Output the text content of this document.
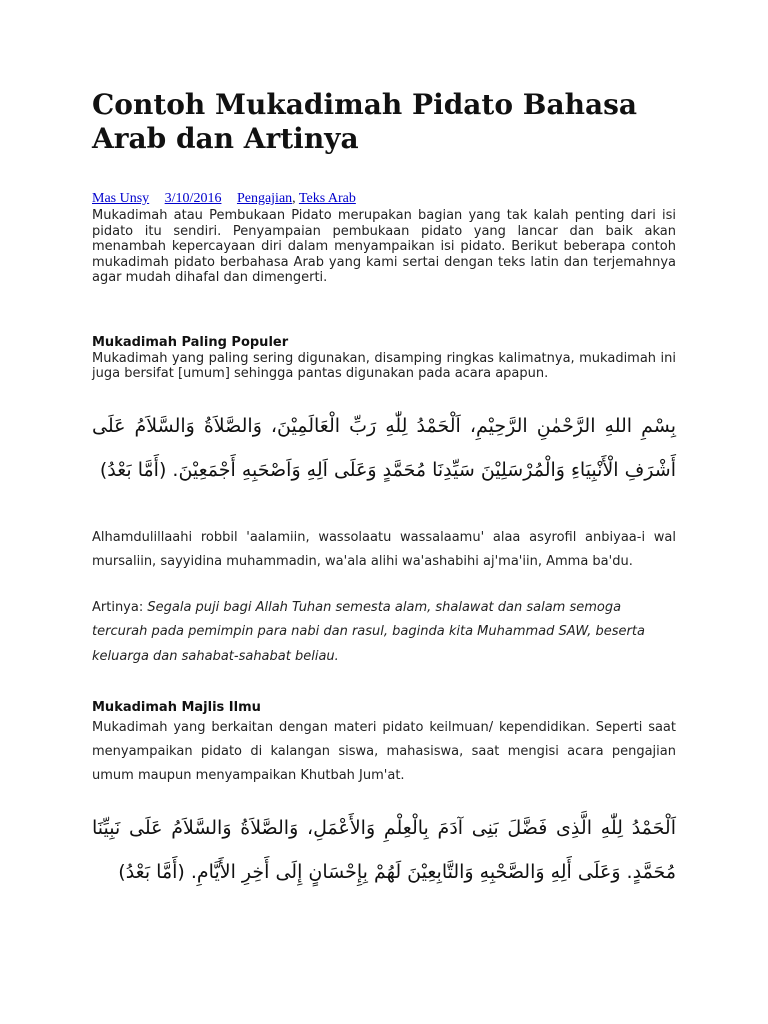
Contoh Mukadimah Pidato Bahasa Arab dan Artinya
Mas Unsy 3/10/2016 Pengajian, Teks Arab

Mukadimah atau Pembukaan Pidato merupakan bagian yang tak kalah penting dari isi pidato itu sendiri. Penyampaian pembukaan pidato yang lancar dan baik akan menambah kepercayaan diri dalam menyampaikan isi pidato. Berikut beberapa contoh mukadimah pidato berbahasa Arab yang kami sertai dengan teks latin dan terjemahnya agar mudah dihafal dan dimengerti.

Mukadimah Paling Populer

Mukadimah yang paling sering digunakan, disamping ringkas kalimatnya, mukadimah ini juga bersifat [umum] sehingga pantas digunakan pada acara apapun.

بِسْمِ اللهِ الرَّحْمٰنِ الرَّحِيْمِ، اَلْحَمْدُ لِلّٰهِ رَبِّ الْعَالَمِيْنَ، وَالصَّلاَةُ وَالسَّلاَمُ عَلَى أَشْرَفِ الْأَنْبِيَاءِ وَالْمُرْسَلِيْنَ سَيِّدِنَا مُحَمَّدٍ وَعَلَى اَلِهِ وَاَصْحَبِهِ أَجْمَعِيْنَ. (أَمَّا بَعْدُ)

Alhamdulillaahi robbil 'aalamiin, wassolaatu wassalaamu' alaa asyrofil anbiyaa-i wal mursaliin, sayyidina muhammadin, wa'ala alihi wa'ashabihi aj'ma'iin, Amma ba'du.

Artinya: Segala puji bagi Allah Tuhan semesta alam, shalawat dan salam semoga tercurah pada pemimpin para nabi dan rasul, baginda kita Muhammad SAW, beserta keluarga dan sahabat-sahabat beliau.

Mukadimah Majlis Ilmu

Mukadimah yang berkaitan dengan materi pidato keilmuan/ kependidikan. Seperti saat menyampaikan pidato di kalangan siswa, mahasiswa, saat mengisi acara pengajian umum maupun menyampaikan Khutbah Jum'at.

اَلْحَمْدُ لِلّٰهِ الَّذِى فَضَّلَ بَنِى آدَمَ بِالْعِلْمِ وَالأَعْمَلِ، وَالصَّلاَةُ وَالسَّلاَمُ عَلَى نَبِيِّنَا مُحَمَّدٍ. وَعَلَى أَلِهِ وَالصَّحْبِهِ وَالتَّابِعِيْنَ لَهُمْ بِإِحْسَانٍ إِلَى أَخِرِ الأَيَّامِ. (أَمَّا بَعْدُ)
